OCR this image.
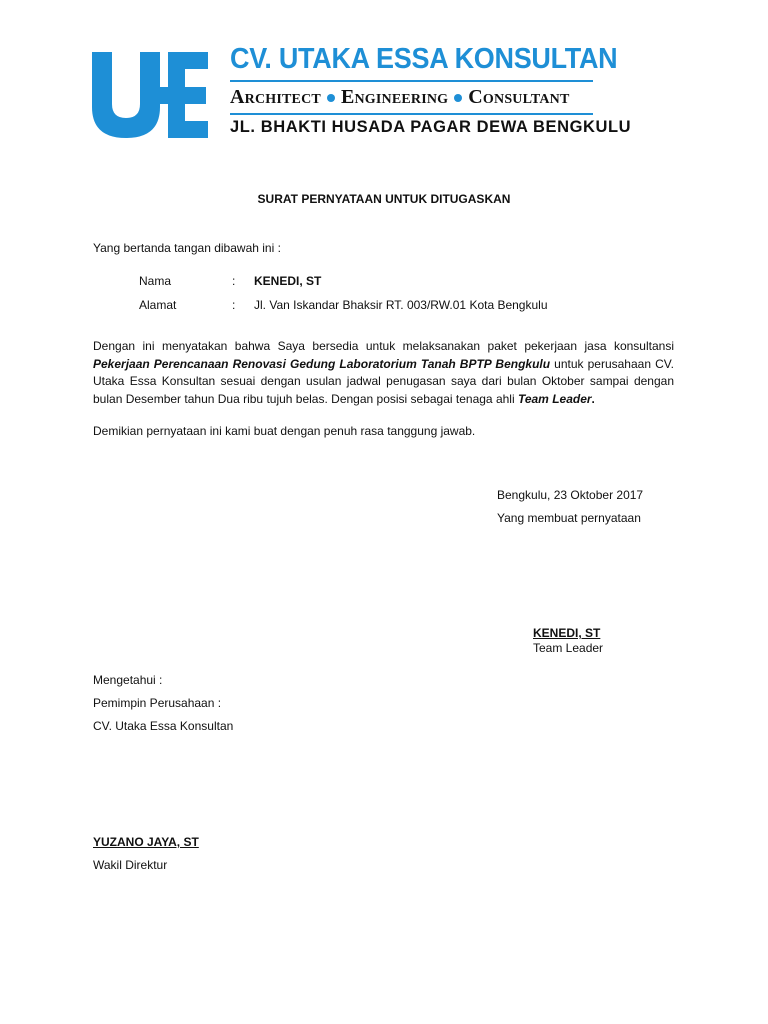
CV. UTAKA ESSA KONSULTAN
Architect Engineering Consultant
JL. BHAKTI HUSADA PAGAR DEWA BENGKULU
SURAT PERNYATAAN UNTUK DITUGASKAN
Yang bertanda tangan dibawah ini :
Nama	: KENEDI, ST
Alamat	: Jl. Van Iskandar Bhaksir RT. 003/RW.01 Kota Bengkulu

Dengan ini menyatakan bahwa Saya bersedia untuk melaksanakan paket pekerjaan jasa konsultansi Pekerjaan Perencanaan Renovasi Gedung Laboratorium Tanah BPTP Bengkulu untuk perusahaan CV. Utaka Essa Konsultan sesuai dengan usulan jadwal penugasan saya dari bulan Oktober sampai dengan bulan Desember tahun Dua ribu tujuh belas. Dengan posisi sebagai tenaga ahli Team Leader.

Demikian pernyataan ini kami buat dengan penuh rasa tanggung jawab.
Bengkulu, 23 Oktober 2017
Yang membuat pernyataan
KENEDI, ST
Team Leader
Mengetahui :
Pemimpin Perusahaan :
CV. Utaka Essa Konsultan
YUZANO JAYA, ST
Wakil Direktur
